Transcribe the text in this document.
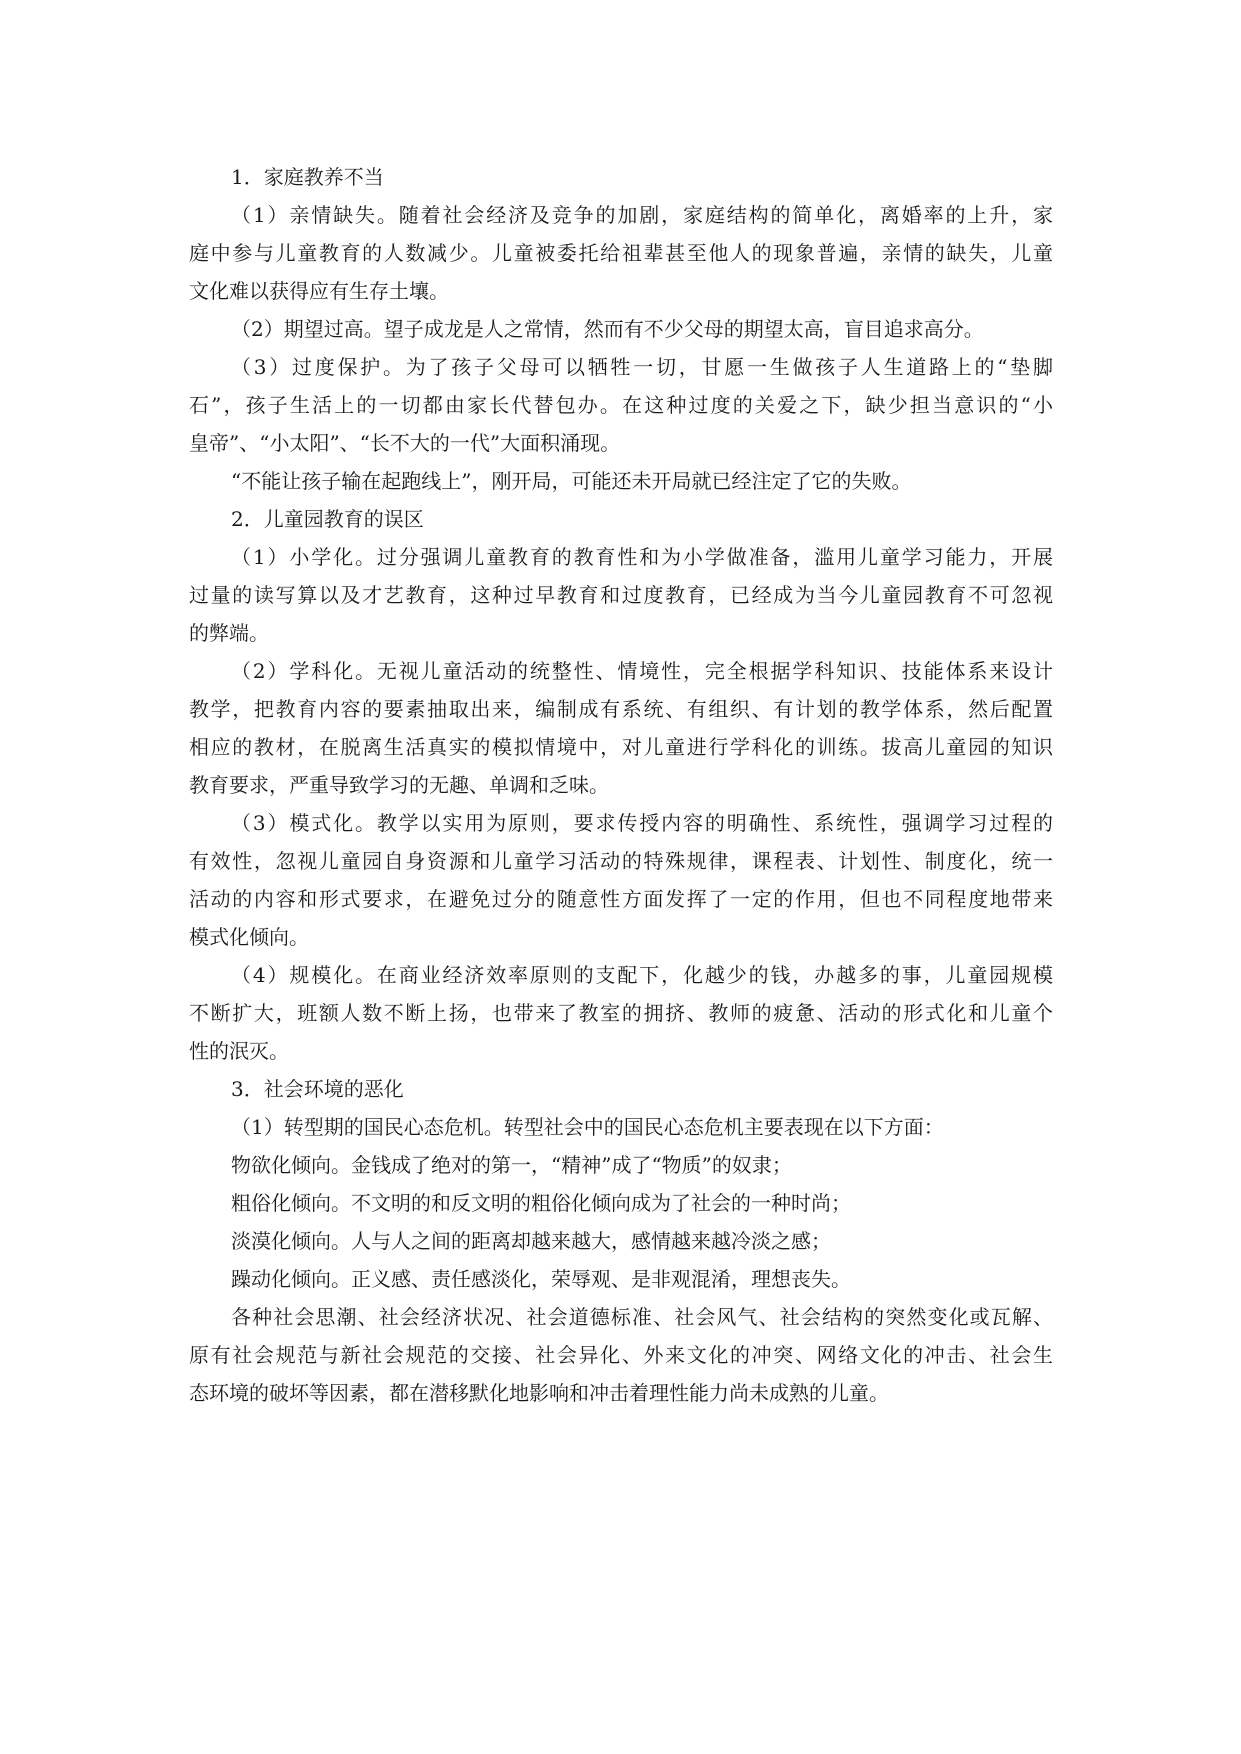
1．家庭教养不当
（1）亲情缺失。随着社会经济及竞争的加剧，家庭结构的简单化，离婚率的上升，家
庭中参与儿童教育的人数减少。儿童被委托给祖辈甚至他人的现象普遍，亲情的缺失，儿童
文化难以获得应有生存土壤。
（2）期望过高。望子成龙是人之常情，然而有不少父母的期望太高，盲目追求高分。
（3）过度保护。为了孩子父母可以牺牲一切，甘愿一生做孩子人生道路上的“垫脚
石”，孩子生活上的一切都由家长代替包办。在这种过度的关爱之下，缺少担当意识的“小
皇帝”、“小太阳”、“长不大的一代”大面积涌现。
“不能让孩子输在起跑线上”，刚开局，可能还未开局就已经注定了它的失败。
2．儿童园教育的误区
（1）小学化。过分强调儿童教育的教育性和为小学做准备，滥用儿童学习能力，开展
过量的读写算以及才艺教育，这种过早教育和过度教育，已经成为当今儿童园教育不可忽视
的弊端。
（2）学科化。无视儿童活动的统整性、情境性，完全根据学科知识、技能体系来设计
教学，把教育内容的要素抽取出来，编制成有系统、有组织、有计划的教学体系，然后配置
相应的教材，在脱离生活真实的模拟情境中，对儿童进行学科化的训练。拔高儿童园的知识
教育要求，严重导致学习的无趣、单调和乏味。
（3）模式化。教学以实用为原则，要求传授内容的明确性、系统性，强调学习过程的
有效性，忽视儿童园自身资源和儿童学习活动的特殊规律，课程表、计划性、制度化，统一
活动的内容和形式要求，在避免过分的随意性方面发挥了一定的作用，但也不同程度地带来
模式化倾向。
（4）规模化。在商业经济效率原则的支配下，化越少的钱，办越多的事，儿童园规模
不断扩大，班额人数不断上扬，也带来了教室的拥挤、教师的疲惫、活动的形式化和儿童个
性的泯灭。
3．社会环境的恶化
（1）转型期的国民心态危机。转型社会中的国民心态危机主要表现在以下方面：
物欲化倾向。金钱成了绝对的第一，“精神”成了“物质”的奴隶；
粗俗化倾向。不文明的和反文明的粗俗化倾向成为了社会的一种时尚；
淡漠化倾向。人与人之间的距离却越来越大，感情越来越冷淡之感；
躁动化倾向。正义感、责任感淡化，荣辱观、是非观混淆，理想丧失。
各种社会思潮、社会经济状况、社会道德标准、社会风气、社会结构的突然变化或瓦解、
原有社会规范与新社会规范的交接、社会异化、外来文化的冲突、网络文化的冲击、社会生
态环境的破坏等因素，都在潜移默化地影响和冲击着理性能力尚未成熟的儿童。
